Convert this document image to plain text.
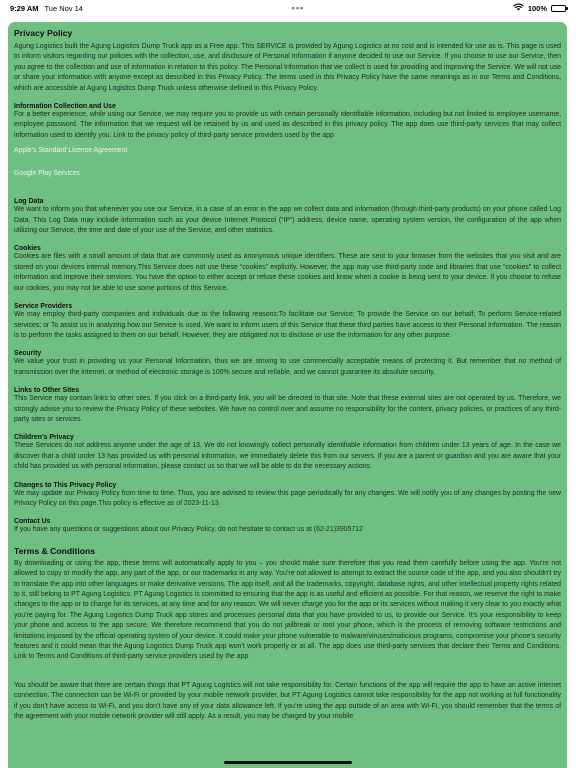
9:29 AM Tue Nov 14	•••	100%
Privacy Policy
Agung Logistics built the Agung Logistics Dump Truck app as a Free app. This SERVICE is provided by Agung Logistics at no cost and is intended for use as is. This page is used to inform visitors regarding our policies with the collection, use, and disclosure of Personal Information if anyone decided to use our Service. If you choose to use our Service, then you agree to the collection and use of information in relation to this policy. The Personal Information that we collect is used for providing and improving the Service. We will not use or share your information with anyone except as described in this Privacy Policy. The terms used in this Privacy Policy have the same meanings as in our Terms and Conditions, which are accessible at Agung Logistics Dump Truck unless otherwise defined in this Privacy Policy.
Information Collection and Use
For a better experience, while using our Service, we may require you to provide us with certain personally identifiable information, including but not limited to employee username, employee password. The information that we request will be retained by us and used as described in this privacy policy. The app does use third-party services that may collect information used to identify you. Link to the privacy policy of third-party service providers used by the app
Apple’s Standard License Agreement
Google Play Services
Log Data
We want to inform you that whenever you use our Service, in a case of an error in the app we collect data and information (through third-party products) on your phone called Log Data. This Log Data may include information such as your device Internet Protocol (“IP”) address, device name, operating system version, the configuration of the app when utilizing our Service, the time and date of your use of the Service, and other statistics.
Cookies
Cookies are files with a small amount of data that are commonly used as anonymous unique identifiers. These are sent to your browser from the websites that you visit and are stored on your devices internal memory.This Service does not use these “cookies” explicitly. However, the app may use third-party code and libraries that use “cookies” to collect information and improve their services. You have the option to either accept or refuse these cookies and know when a cookie is being sent to your device. If you choose to refuse our cookies, you may not be able to use some portions of this Service.
Service Providers
We may employ third-party companies and individuals due to the following reasons:To facilitate our Service; To provide the Service on our behalf; To perform Service-related services; or To assist us in analyzing how our Service is used. We want to inform users of this Service that these third parties have access to their Personal Information. The reason is to perform the tasks assigned to them on our behalf. However, they are obligated not to disclose or use the information for any other purpose.
Security
We value your trust in providing us your Personal Information, thus we are striving to use commercially acceptable means of protecting it. But remember that no method of transmission over the internet, or method of electronic storage is 100% secure and reliable, and we cannot guarantee its absolute security.
Links to Other Sites
This Service may contain links to other sites. If you click on a third-party link, you will be directed to that site. Note that these external sites are not operated by us. Therefore, we strongly advise you to review the Privacy Policy of these websites. We have no control over and assume no responsibility for the content, privacy policies, or practices of any third-party sites or services.
Children’s Privacy
These Services do not address anyone under the age of 13. We do not knowingly collect personally identifiable information from children under 13 years of age. In the case we discover that a child under 13 has provided us with personal information, we immediately delete this from our servers. If you are a parent or guardian and you are aware that your child has provided us with personal information, please contact us so that we will be able to do the necessary actions.
Changes to This Privacy Policy
We may update our Privacy Policy from time to time. Thus, you are advised to review this page periodically for any changes. We will notify you of any changes by posting the new Privacy Policy on this page.This policy is effective as of 2023-11-13
Contact Us
If you have any questions or suggestions about our Privacy Policy, do not hesitate to contact us at (62-21)3905712
Terms & Conditions
By downloading or using the app, these terms will automatically apply to you – you should make sure therefore that you read them carefully before using the app. You’re not allowed to copy or modify the app, any part of the app, or our trademarks in any way. You’re not allowed to attempt to extract the source code of the app, and you also shouldn’t try to translate the app into other languages or make derivative versions. The app itself, and all the trademarks, copyright, database rights, and other intellectual property rights related to it, still belong to PT Agung Logistics. PT Agung Logistics is committed to ensuring that the app is as useful and efficient as possible. For that reason, we reserve the right to make changes to the app or to charge for its services, at any time and for any reason. We will never charge you for the app or its services without making it very clear to you exactly what you’re paying for. The Agung Logistics Dump Truck app stores and processes personal data that you have provided to us, to provide our Service. It’s your responsibility to keep your phone and access to the app secure. We therefore recommend that you do not jailbreak or root your phone, which is the process of removing software restrictions and limitations imposed by the official operating system of your device. It could make your phone vulnerable to malware/viruses/malicious programs, compromise your phone’s security features and it could mean that the Agung Logistics Dump Truck app won’t work properly or at all. The app does use third-party services that declare their Terms and Conditions. Link to Terms and Conditions of third-party service providers used by the app
You should be aware that there are certain things that PT Agung Logistics will not take responsibility for. Certain functions of the app will require the app to have an active internet connection. The connection can be Wi-Fi or provided by your mobile network provider, but PT Agung Logistics cannot take responsibility for the app not working at full functionality if you don’t have access to Wi-Fi, and you don’t have any of your data allowance left. If you’re using the app outside of an area with Wi-Fi, you should remember that the terms of the agreement with your mobile network provider will still apply. As a result, you may be charged by your mobile
